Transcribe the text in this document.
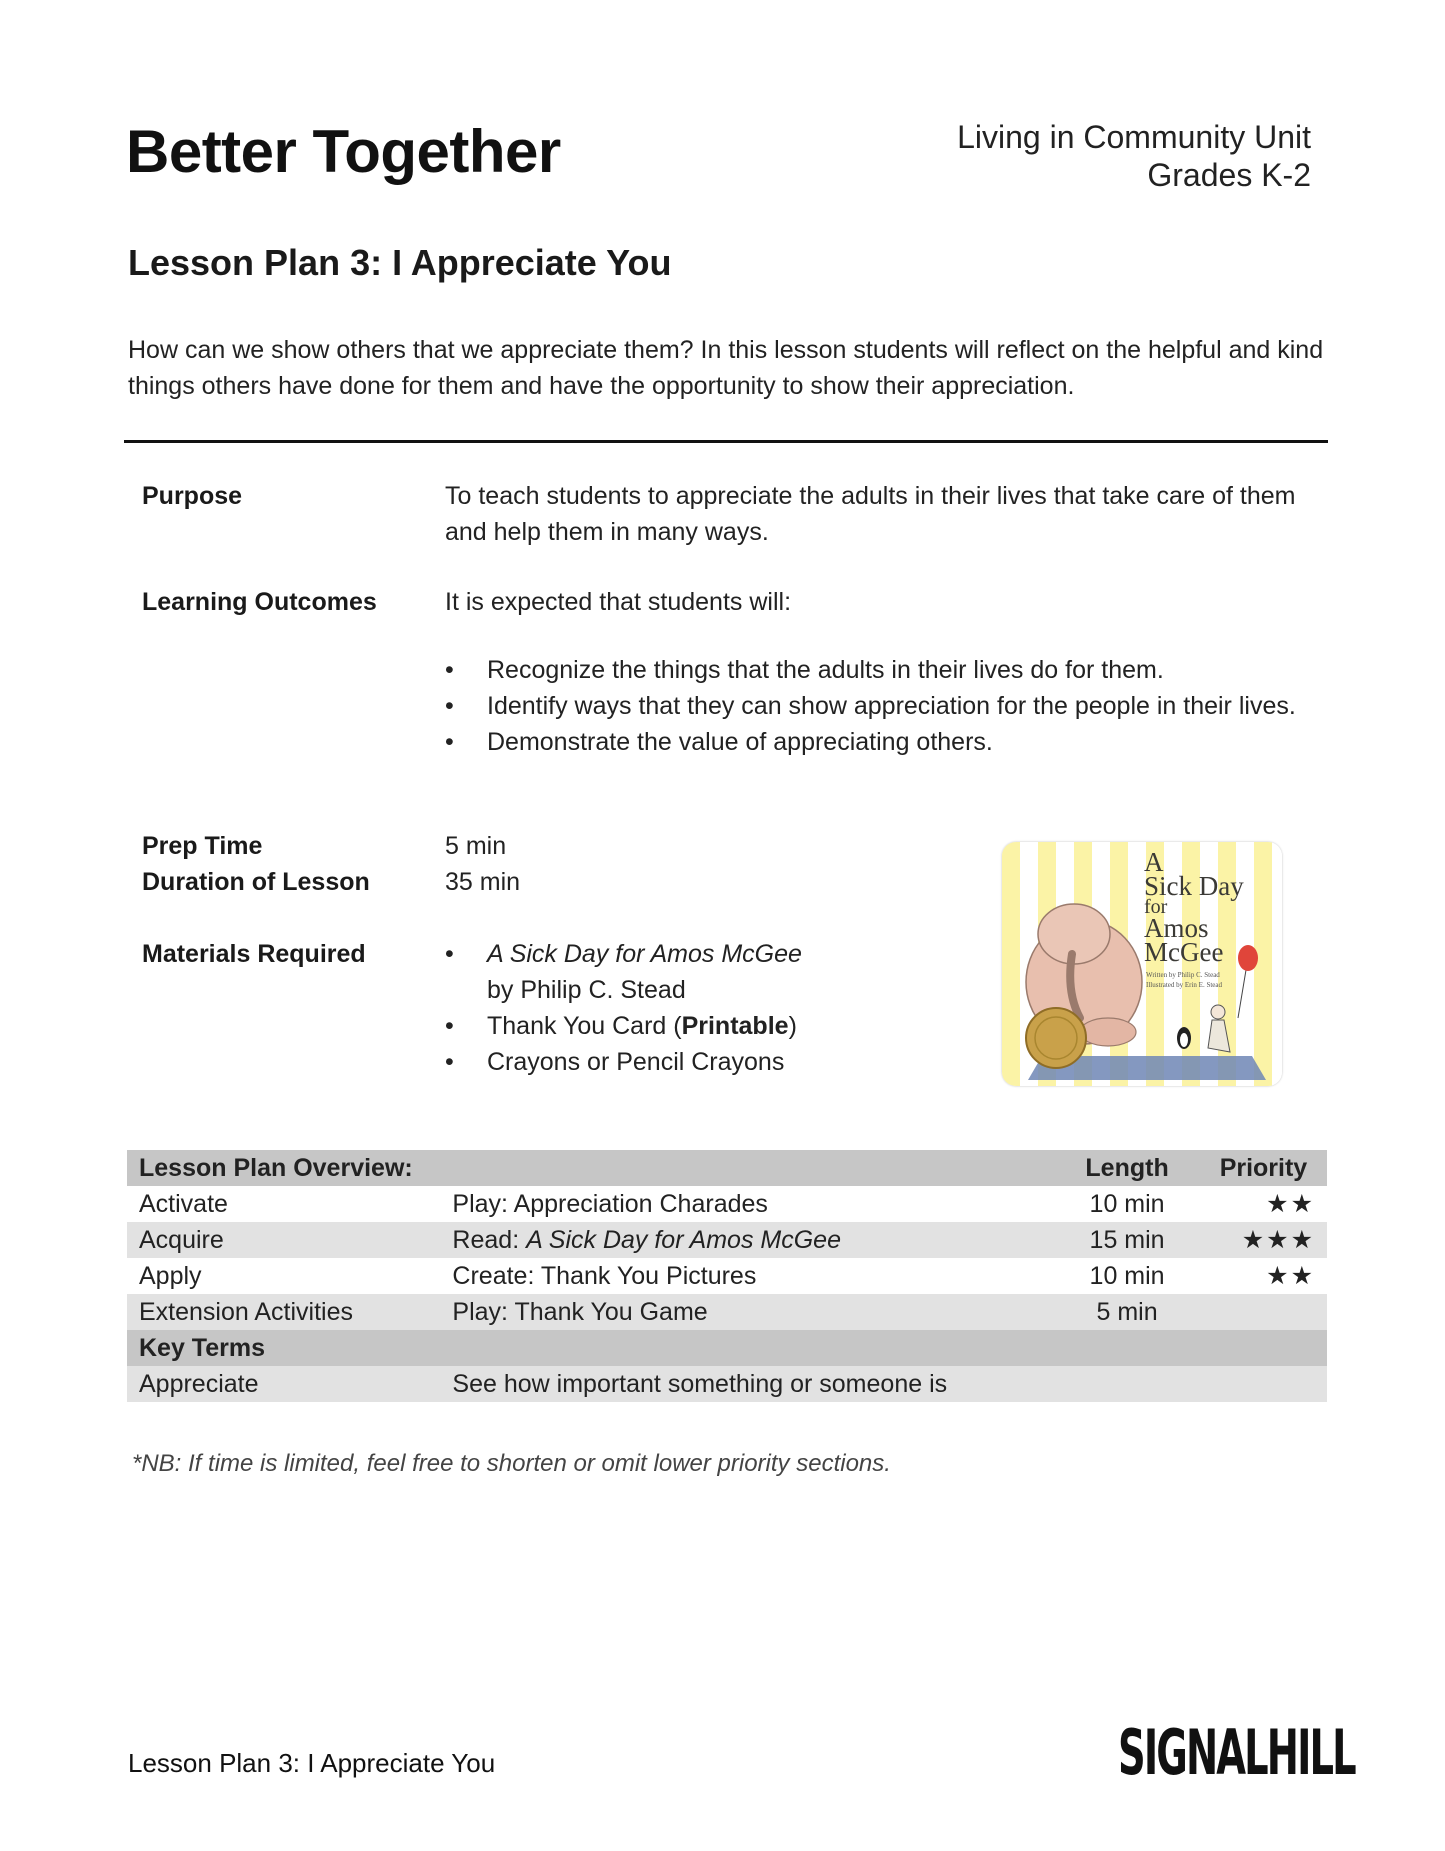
Better Together	Living in Community Unit
Grades K-2
Lesson Plan 3: I Appreciate You
How can we show others that we appreciate them? In this lesson students will reflect on the helpful and kind things others have done for them and have the opportunity to show their appreciation.
Purpose	To teach students to appreciate the adults in their lives that take care of them and help them in many ways.
Learning Outcomes	It is expected that students will:
• Recognize the things that the adults in their lives do for them.
• Identify ways that they can show appreciation for the people in their lives.
• Demonstrate the value of appreciating others.
Prep Time	5 min
Duration of Lesson	35 min
Materials Required	• A Sick Day for Amos McGee
by Philip C. Stead
• Thank You Card (Printable)
• Crayons or Pencil Crayons
A
Sick Day
for
Amos
McGee
Written by Philip C. Stead
Illustrated by Erin E. Stead
Lesson Plan Overview:		Length	Priority
Activate	Play: Appreciation Charades	10 min	★★
Acquire	Read: A Sick Day for Amos McGee	15 min	★★★
Apply	Create: Thank You Pictures	10 min	★★
Extension Activities	Play: Thank You Game	5 min	
Key Terms			
Appreciate	See how important something or someone is		
*NB: If time is limited, feel free to shorten or omit lower priority sections.
Lesson Plan 3: I Appreciate You	SIGNALHILL
